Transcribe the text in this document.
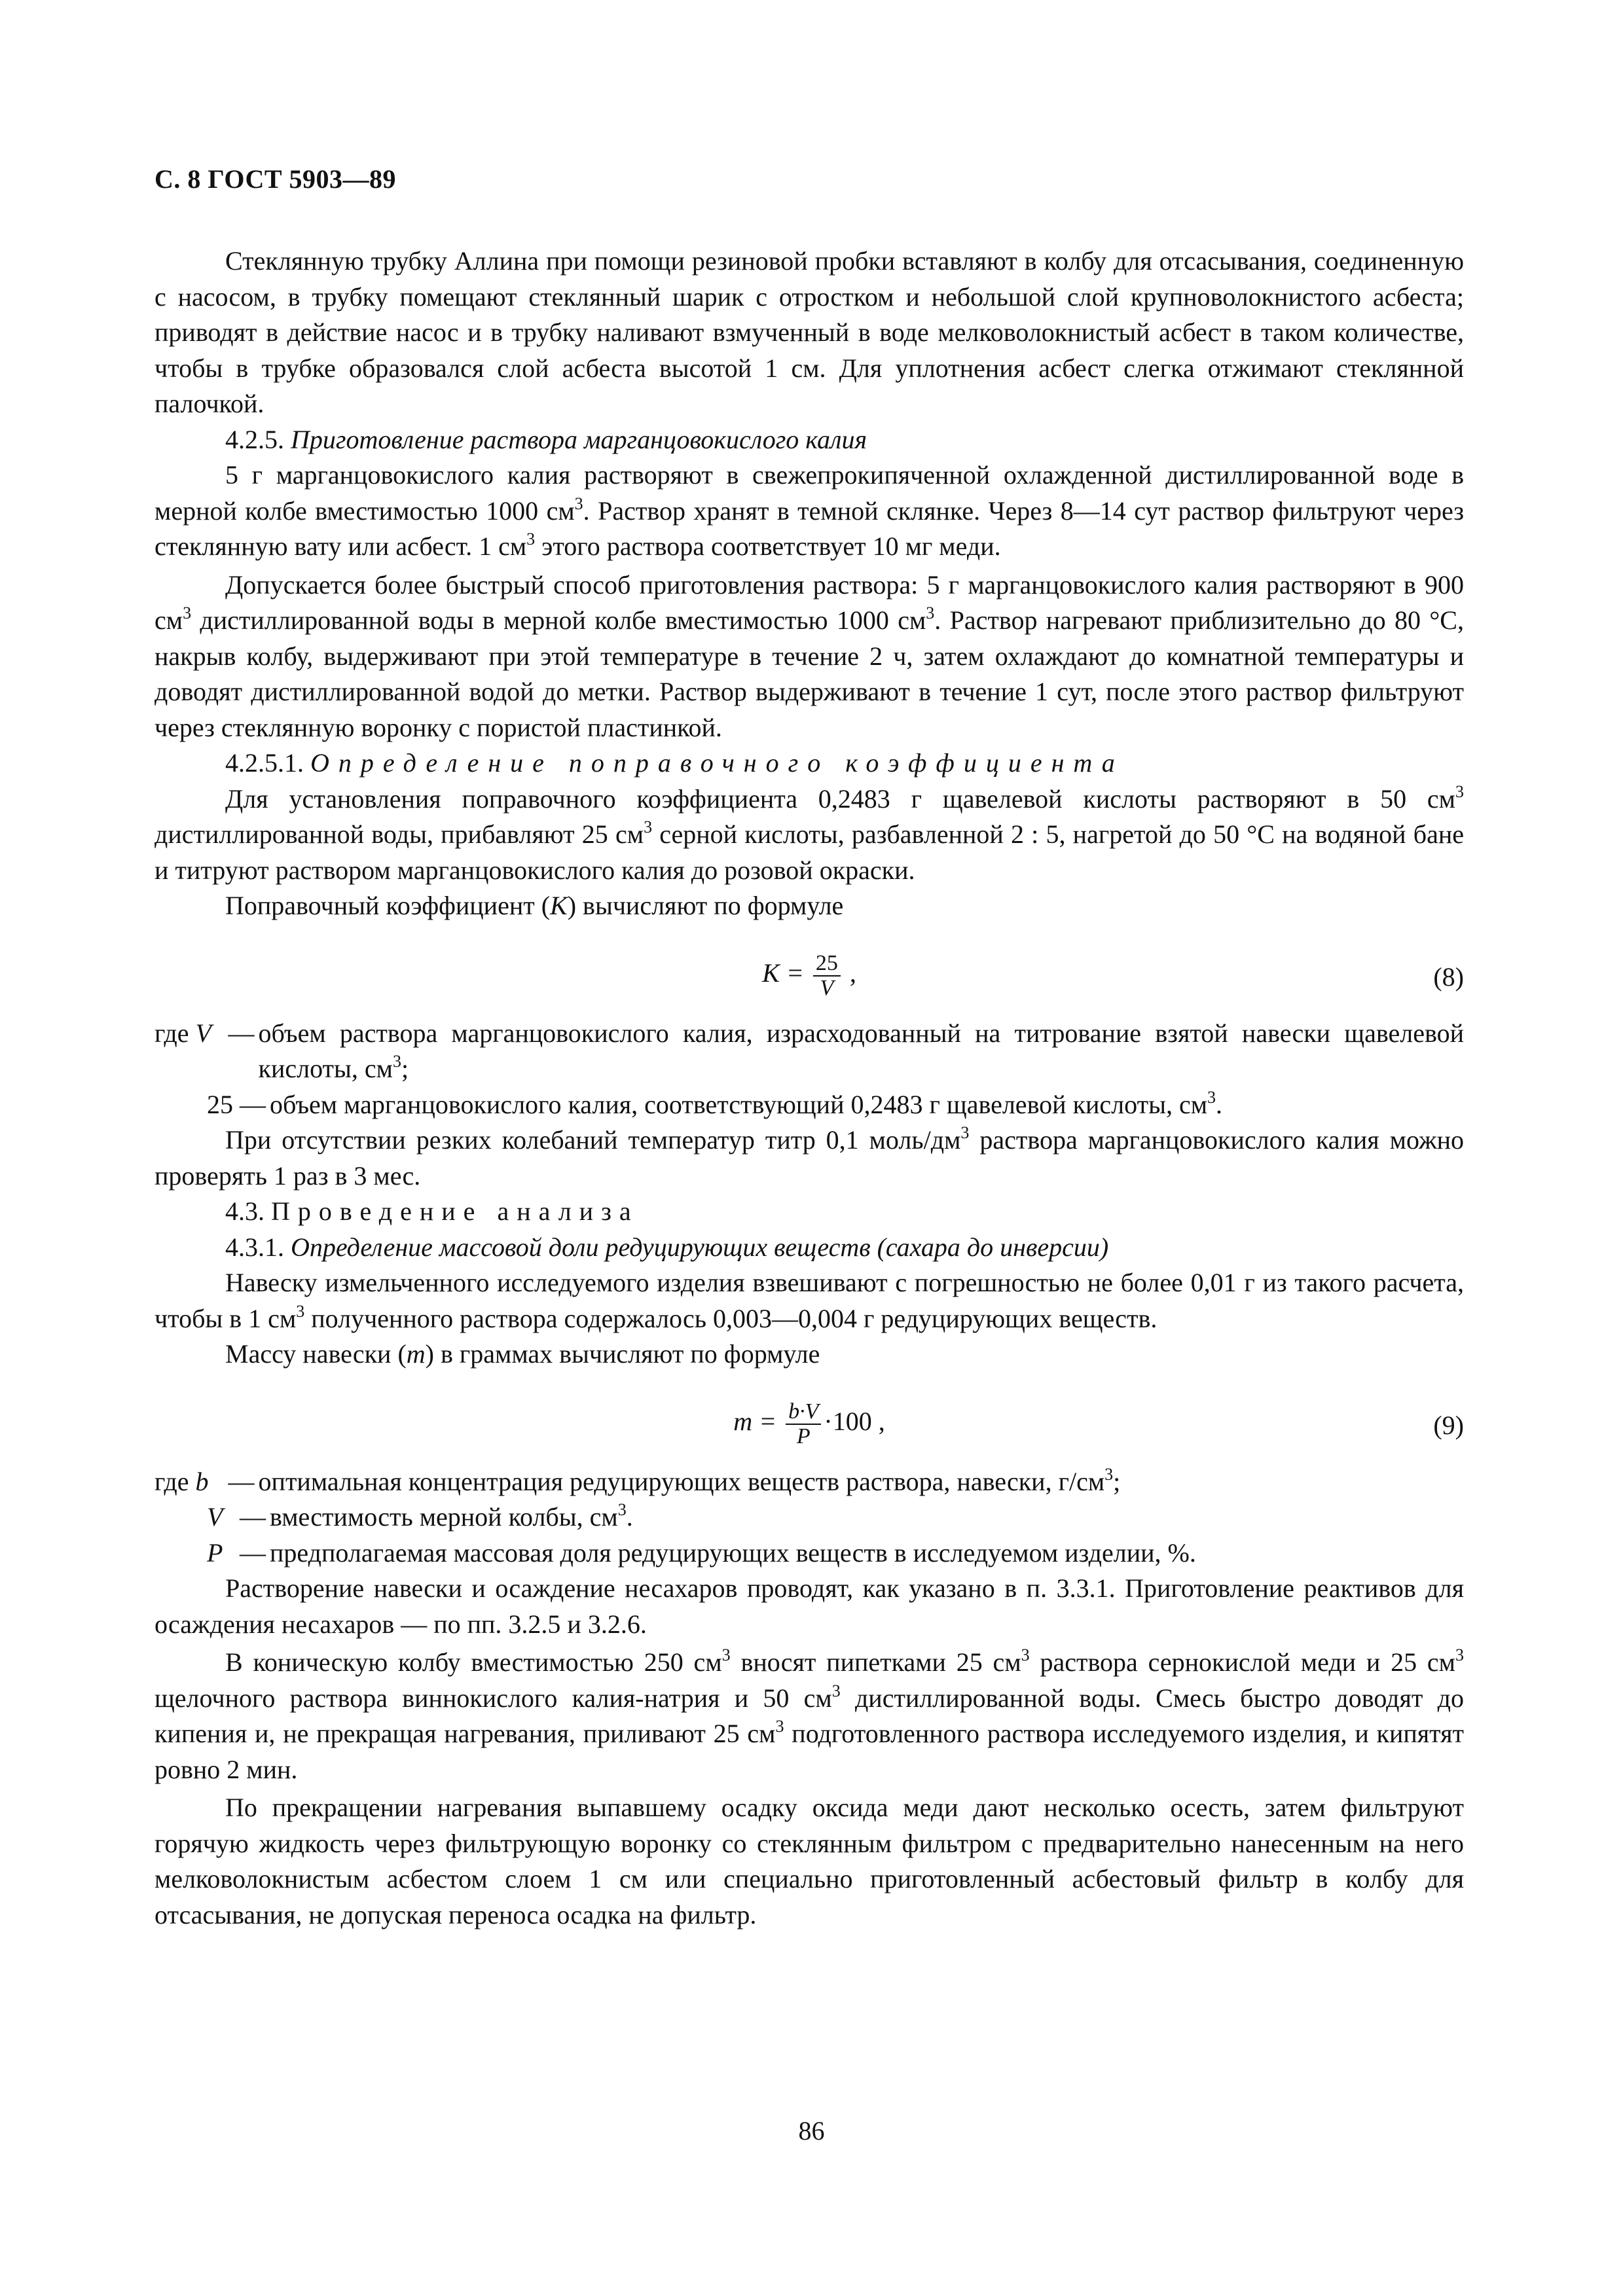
С. 8 ГОСТ 5903—89

Стеклянную трубку Аллина при помощи резиновой пробки вставляют в колбу для отсасывания, соединенную с насосом, в трубку помещают стеклянный шарик с отростком и небольшой слой крупноволокнистого асбеста; приводят в действие насос и в трубку наливают взмученный в воде мелковолокнистый асбест в таком количестве, чтобы в трубке образовался слой асбеста высотой 1 см. Для уплотнения асбест слегка отжимают стеклянной палочкой.

4.2.5. Приготовление раствора марганцовокислого калия

5 г марганцовокислого калия растворяют в свежепрокипяченной охлажденной дистиллированной воде в мерной колбе вместимостью 1000 $см^3$. Раствор хранят в темной склянке. Через 8—14 сут раствор фильтруют через стеклянную вату или асбест. 1 $см^3$ этого раствора соответствует 10 мг меди.

Допускается более быстрый способ приготовления раствора: 5 г марганцовокислого калия растворяют в 900 $см^3$ дистиллированной воды в мерной колбе вместимостью 1000 $см^3$. Раствор нагревают приблизительно до 80 °С, накрыв колбу, выдерживают при этой температуре в течение 2 ч, затем охлаждают до комнатной температуры и доводят дистиллированной водой до метки. Раствор выдерживают в течение 1 сут, после этого раствор фильтруют через стеклянную воронку с пористой пластинкой.

4.2.5.1. Определение поправочного коэффициента

Для установления поправочного коэффициента 0,2483 г щавелевой кислоты растворяют в 50 $см^3$ дистиллированной воды, прибавляют 25 $см^3$ серной кислоты, разбавленной 2 : 5, нагретой до 50 °С на водяной бане и титруют раствором марганцовокислого калия до розовой окраски.

Поправочный коэффициент (K) вычисляют по формуле

$K = \frac{25}{V}$ ,	(8)
где V — объем раствора марганцовокислого калия, израсходованный на титрование взятой навески щавелевой кислоты, $см^3$;
25 — объем марганцовокислого калия, соответствующий 0,2483 г щавелевой кислоты, $см^3$.

При отсутствии резких колебаний температур титр 0,1 моль/$дм^3$ раствора марганцовокислого калия можно проверять 1 раз в 3 мес.

4.3. Проведение анализа

4.3.1. Определение массовой доли редуцирующих веществ (сахара до инверсии)

Навеску измельченного исследуемого изделия взвешивают с погрешностью не более 0,01 г из такого расчета, чтобы в 1 $см^3$ полученного раствора содержалось 0,003—0,004 г редуцирующих веществ.

Массу навески (m) в граммах вычисляют по формуле

$m = \frac{b\cdot V}{P} \cdot 100$ ,	(9)
где b — оптимальная концентрация редуцирующих веществ раствора, навески, $г/см^3$;
V — вместимость мерной колбы, $см^3$.
P — предполагаемая массовая доля редуцирующих веществ в исследуемом изделии, %.

Растворение навески и осаждение несахаров проводят, как указано в п. 3.3.1. Приготовление реактивов для осаждения несахаров — по пп. 3.2.5 и 3.2.6.

В коническую колбу вместимостью 250 $см^3$ вносят пипетками 25 $см^3$ раствора сернокислой меди и 25 $см^3$ щелочного раствора виннокислого калия-натрия и 50 $см^3$ дистиллированной воды. Смесь быстро доводят до кипения и, не прекращая нагревания, приливают 25 $см^3$ подготовленного раствора исследуемого изделия, и кипятят ровно 2 мин.

По прекращении нагревания выпавшему осадку оксида меди дают несколько осесть, затем фильтруют горячую жидкость через фильтрующую воронку со стеклянным фильтром с предварительно нанесенным на него мелковолокнистым асбестом слоем 1 см или специально приготовленный асбестовый фильтр в колбу для отсасывания, не допуская переноса осадка на фильтр.

86
